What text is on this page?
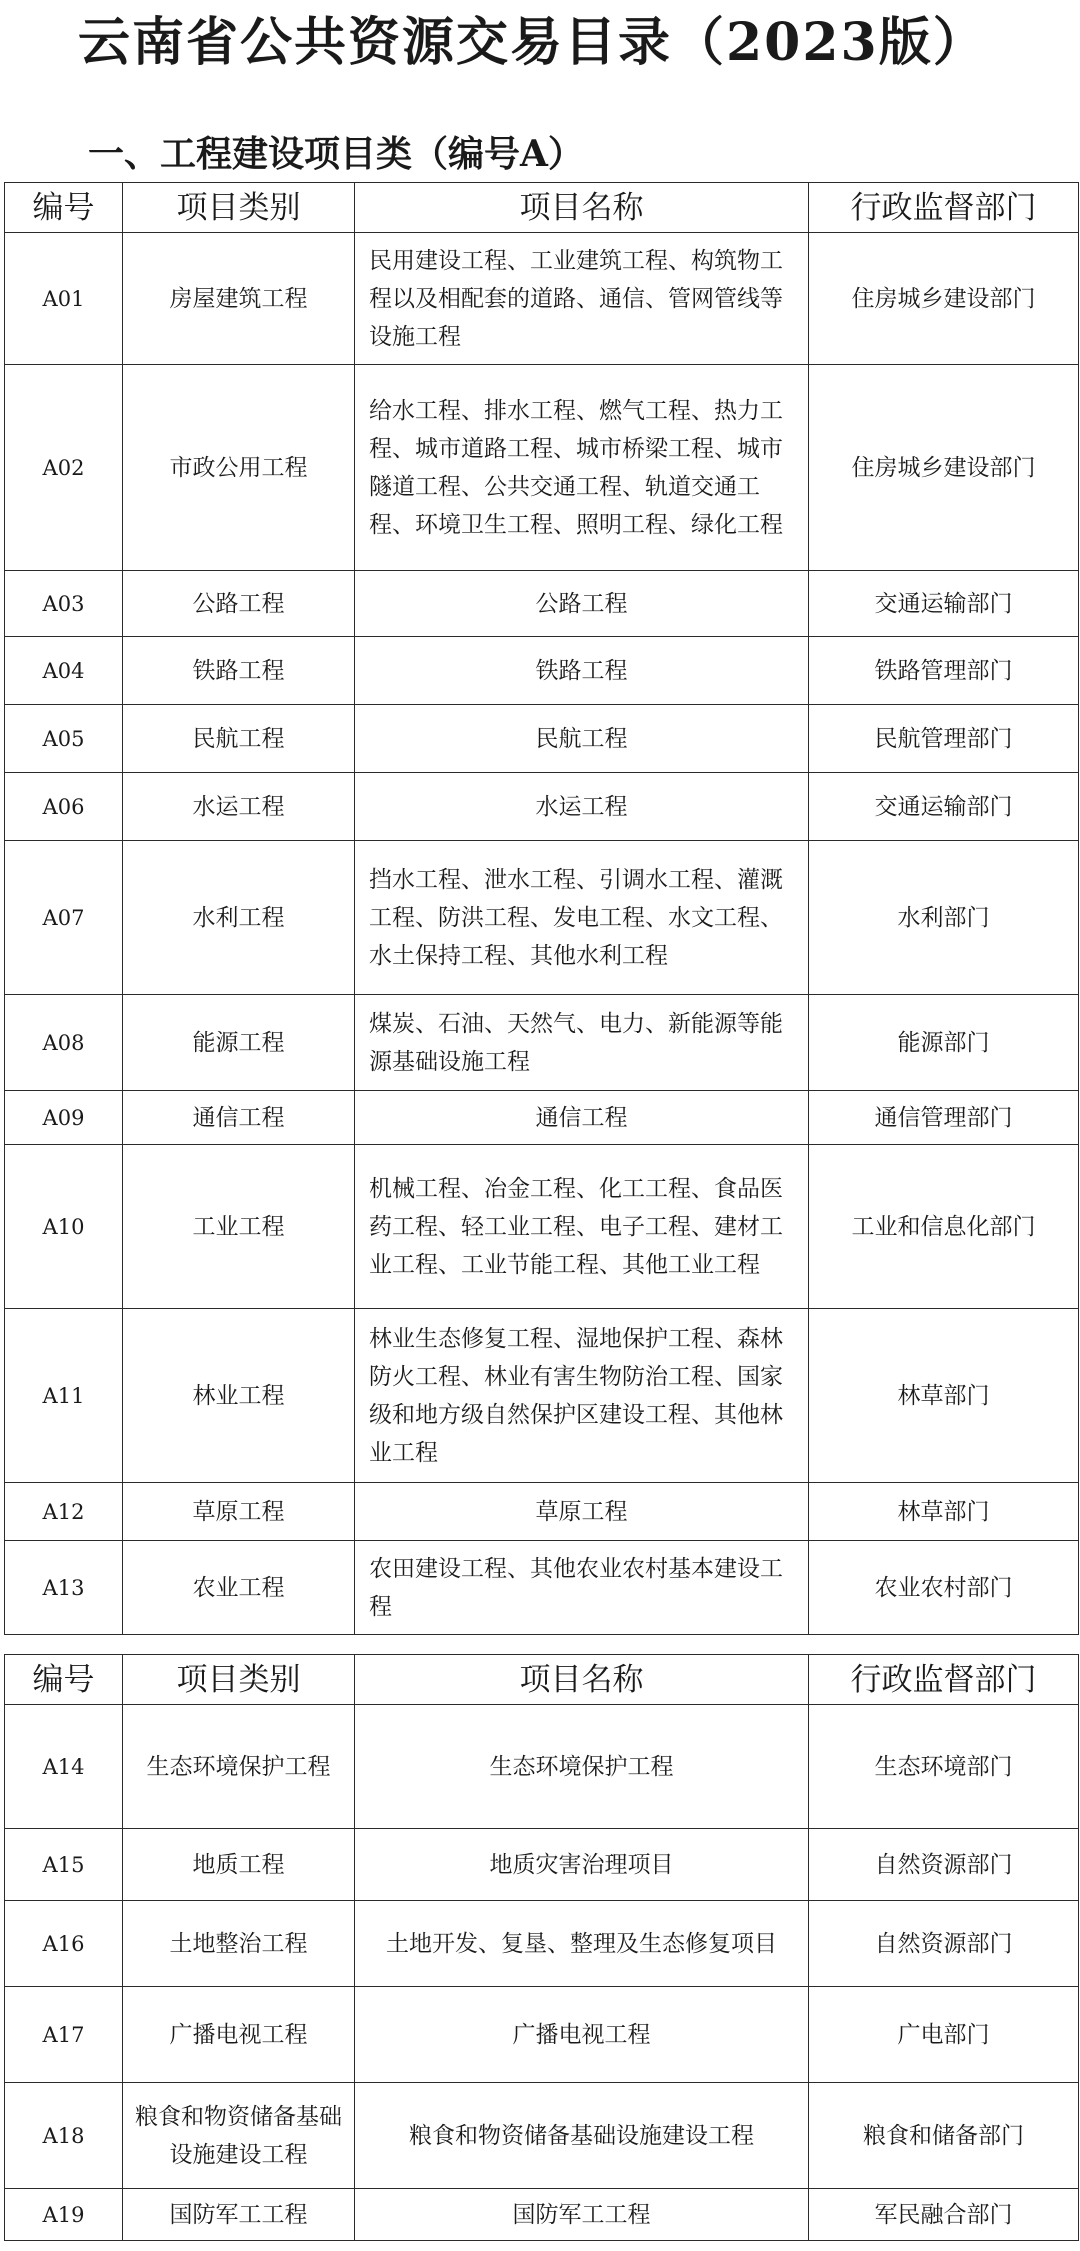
云南省公共资源交易目录（2023版）
一、工程建设项目类（编号A）
编号	项目类别	项目名称	行政监督部门
A01	房屋建筑工程	民用建设工程、工业建筑工程、构筑物工程以及相配套的道路、通信、管网管线等设施工程	住房城乡建设部门
A02	市政公用工程	给水工程、排水工程、燃气工程、热力工程、城市道路工程、城市桥梁工程、城市隧道工程、公共交通工程、轨道交通工程、环境卫生工程、照明工程、绿化工程	住房城乡建设部门
A03	公路工程	公路工程	交通运输部门
A04	铁路工程	铁路工程	铁路管理部门
A05	民航工程	民航工程	民航管理部门
A06	水运工程	水运工程	交通运输部门
A07	水利工程	挡水工程、泄水工程、引调水工程、灌溉工程、防洪工程、发电工程、水文工程、水土保持工程、其他水利工程	水利部门
A08	能源工程	煤炭、石油、天然气、电力、新能源等能源基础设施工程	能源部门
A09	通信工程	通信工程	通信管理部门
A10	工业工程	机械工程、冶金工程、化工工程、食品医药工程、轻工业工程、电子工程、建材工业工程、工业节能工程、其他工业工程	工业和信息化部门
A11	林业工程	林业生态修复工程、湿地保护工程、森林防火工程、林业有害生物防治工程、国家级和地方级自然保护区建设工程、其他林业工程	林草部门
A12	草原工程	草原工程	林草部门
A13	农业工程	农田建设工程、其他农业农村基本建设工程	农业农村部门
编号	项目类别	项目名称	行政监督部门
A14	生态环境保护工程	生态环境保护工程	生态环境部门
A15	地质工程	地质灾害治理项目	自然资源部门
A16	土地整治工程	土地开发、复垦、整理及生态修复项目	自然资源部门
A17	广播电视工程	广播电视工程	广电部门
A18	粮食和物资储备基础设施建设工程	粮食和物资储备基础设施建设工程	粮食和储备部门
A19	国防军工工程	国防军工工程	军民融合部门
